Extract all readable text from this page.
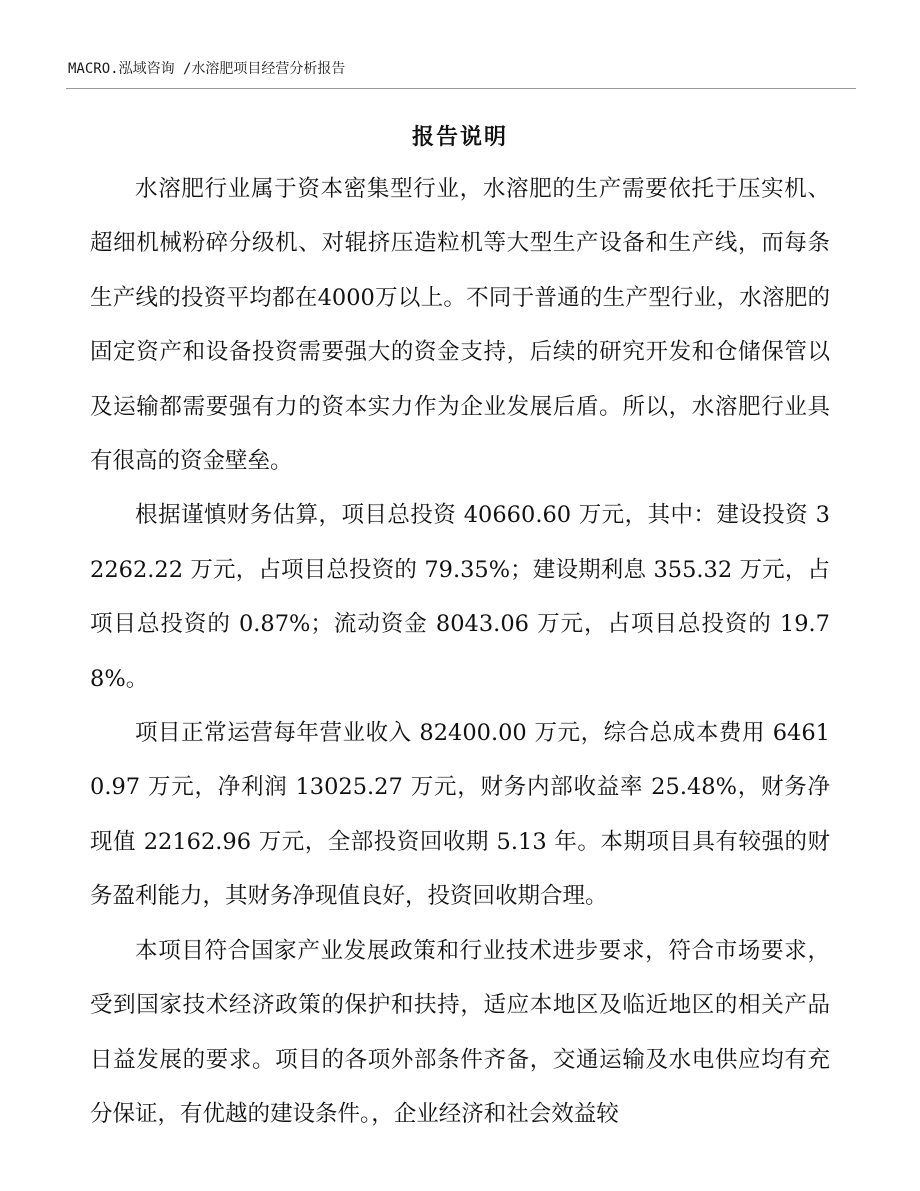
MACRO.泓域咨询 /水溶肥项目经营分析报告
报告说明

水溶肥行业属于资本密集型行业，水溶肥的生产需要依托于压实机、超细机械粉碎分级机、对辊挤压造粒机等大型生产设备和生产线，而每条生产线的投资平均都在4000万以上。不同于普通的生产型行业，水溶肥的固定资产和设备投资需要强大的资金支持，后续的研究开发和仓储保管以及运输都需要强有力的资本实力作为企业发展后盾。所以，水溶肥行业具有很高的资金壁垒。

根据谨慎财务估算，项目总投资 40660.60 万元，其中：建设投资 32262.22 万元，占项目总投资的 79.35%；建设期利息 355.32 万元，占项目总投资的 0.87%；流动资金 8043.06 万元，占项目总投资的 19.78%。

项目正常运营每年营业收入 82400.00 万元，综合总成本费用 64610.97 万元，净利润 13025.27 万元，财务内部收益率 25.48%，财务净现值 22162.96 万元，全部投资回收期 5.13 年。本期项目具有较强的财务盈利能力，其财务净现值良好，投资回收期合理。

本项目符合国家产业发展政策和行业技术进步要求，符合市场要求，受到国家技术经济政策的保护和扶持，适应本地区及临近地区的相关产品日益发展的要求。项目的各项外部条件齐备，交通运输及水电供应均有充分保证，有优越的建设条件。，企业经济和社会效益较
